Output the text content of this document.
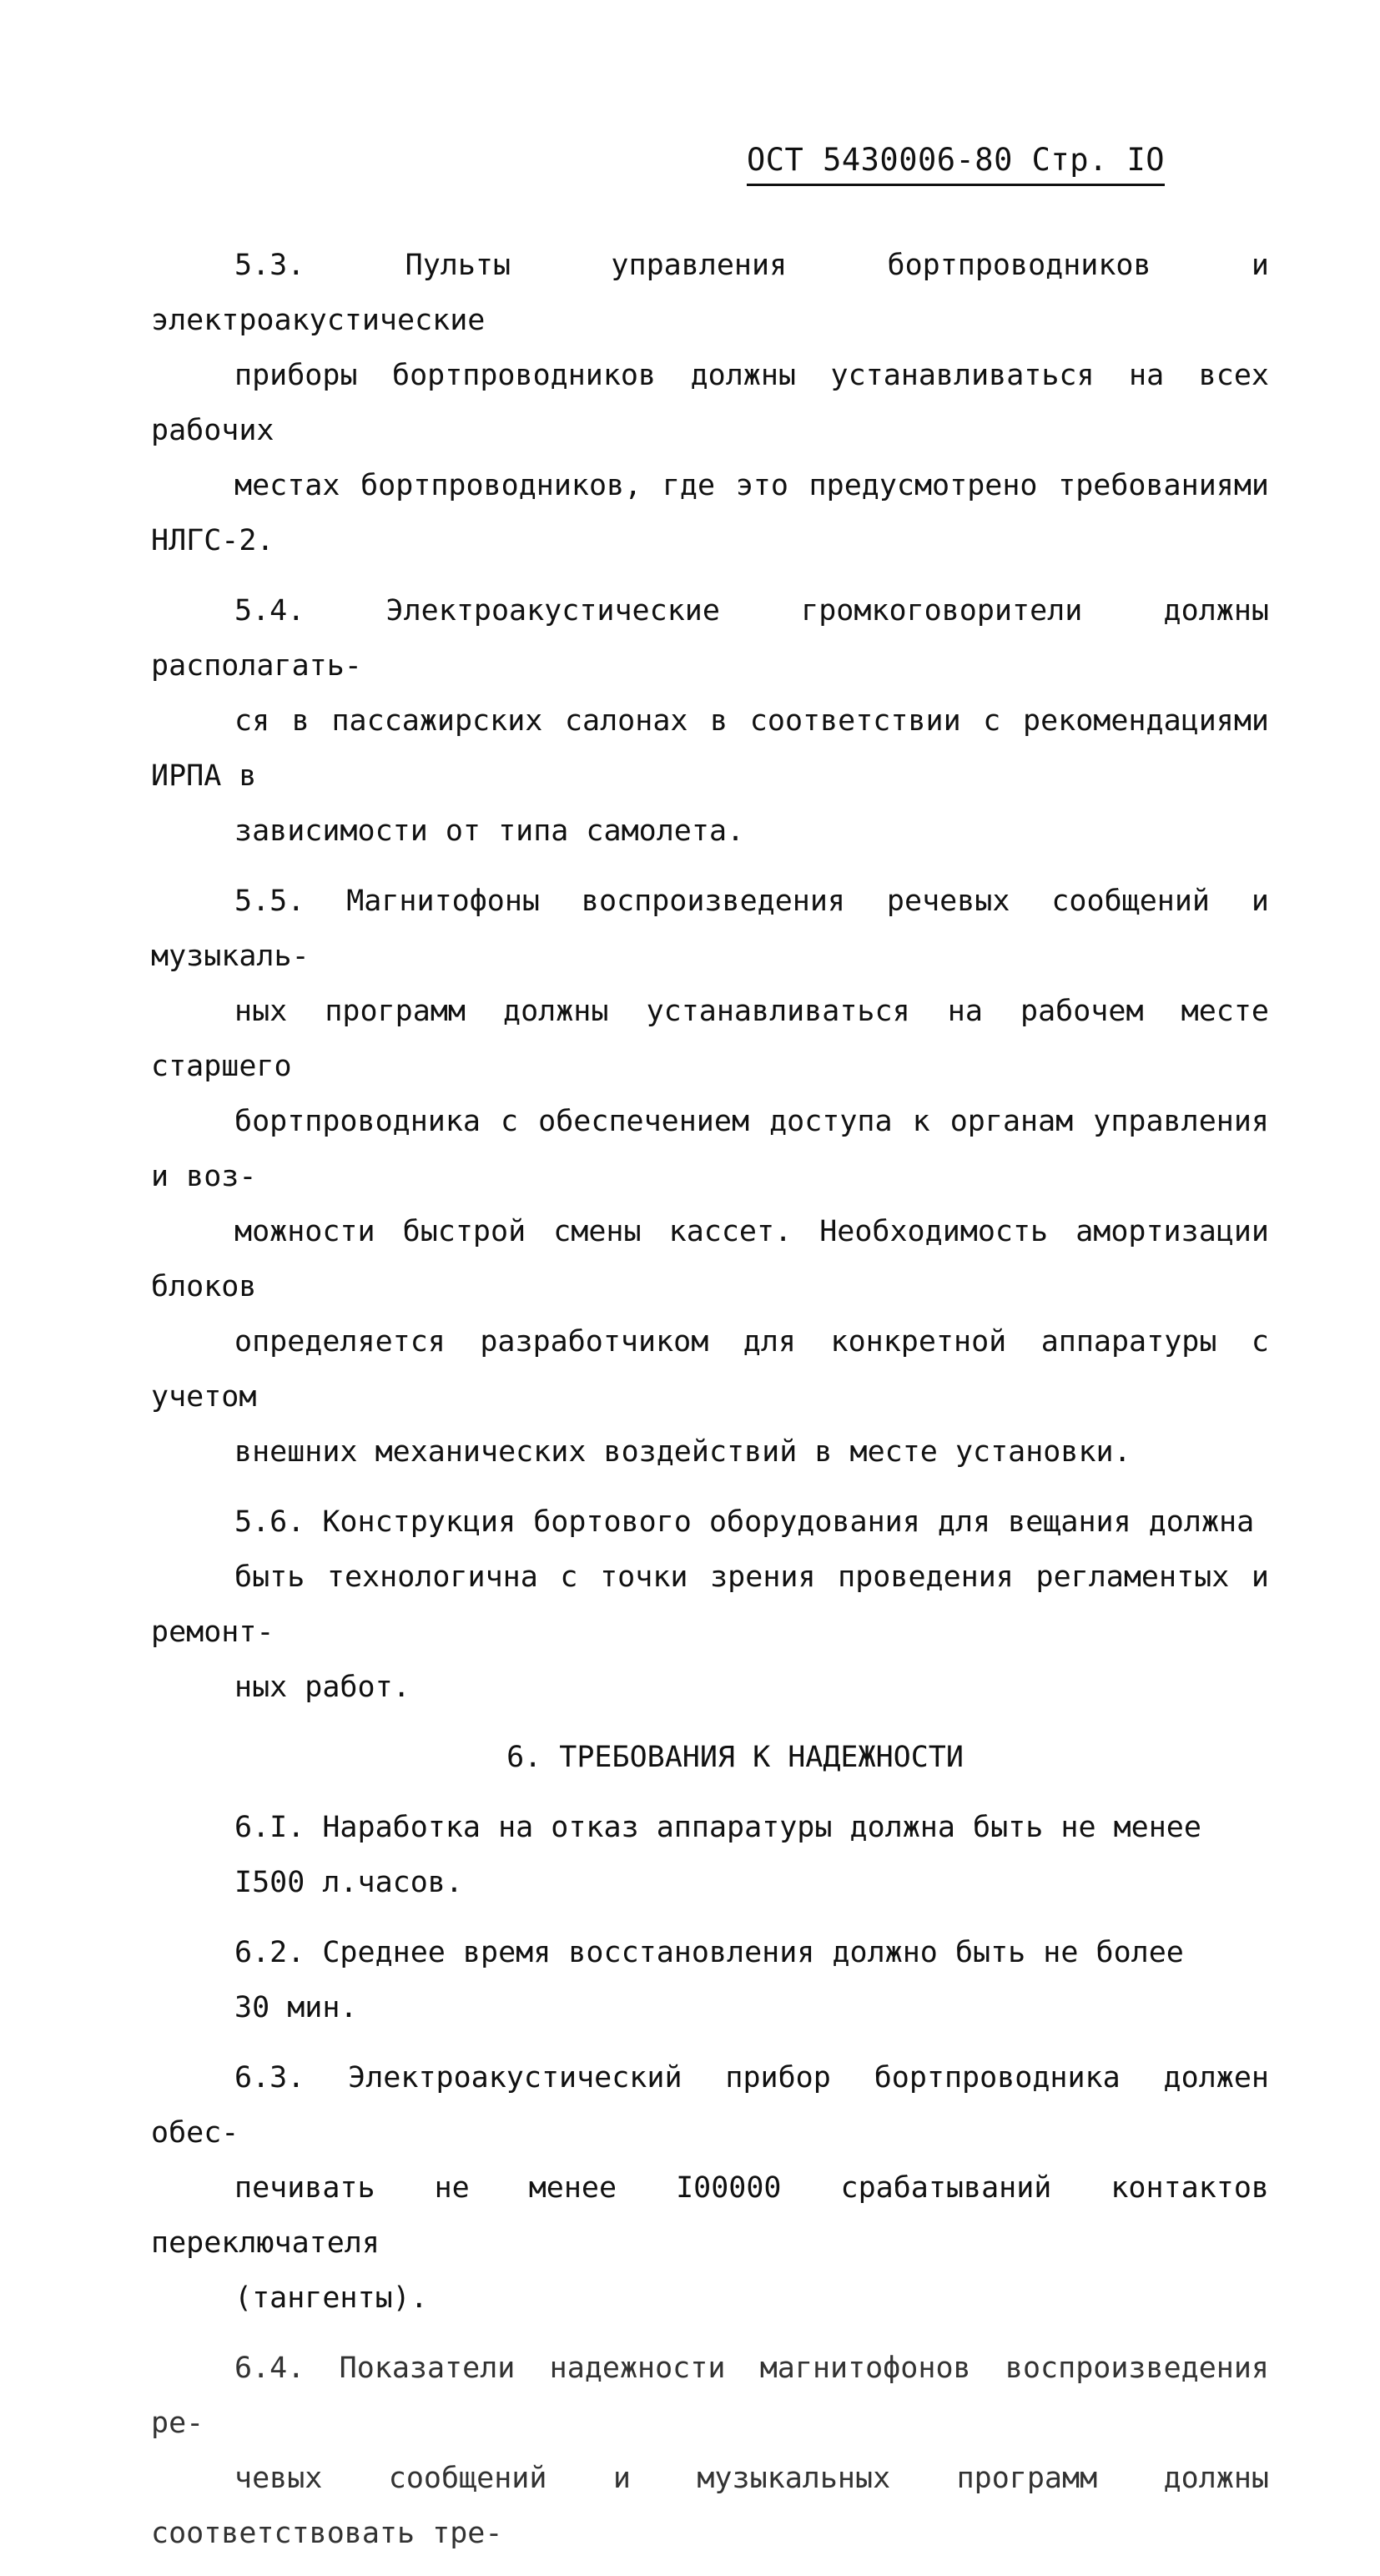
ОСТ 5430006-80 Стр. IO

5.3. Пульты управления бортпроводников и электроакустические
приборы бортпроводников должны устанавливаться на всех рабочих
местах бортпроводников, где это предусмотрено требованиями НЛГС-2.

5.4. Электроакустические громкоговорители должны располагать-
ся в пассажирских салонах в соответствии с рекомендациями ИРПА в
зависимости от типа самолета.

5.5. Магнитофоны воспроизведения речевых сообщений и музыкаль-
ных программ должны устанавливаться на рабочем месте старшего
бортпроводника с обеспечением доступа к органам управления и воз-
можности быстрой смены кассет. Необходимость амортизации блоков
определяется разработчиком для конкретной аппаратуры с учетом
внешних механических воздействий в месте установки.

5.6. Конструкция бортового оборудования для вещания должна
быть технологична с точки зрения проведения регламентых и ремонт-
ных работ.

6. ТРЕБОВАНИЯ К НАДЕЖНОСТИ

6.I. Наработка на отказ аппаратуры должна быть не менее
I500 л.часов.

6.2. Среднее время восстановления должно быть не более
30 мин.

6.3. Электроакустический прибор бортпроводника должен обес-
печивать не менее I00000 срабатываний контактов переключателя
(тангенты).

6.4. Показатели надежности магнитофонов воспроизведения ре-
чевых сообщений и музыкальных программ должны соответствовать тре-
